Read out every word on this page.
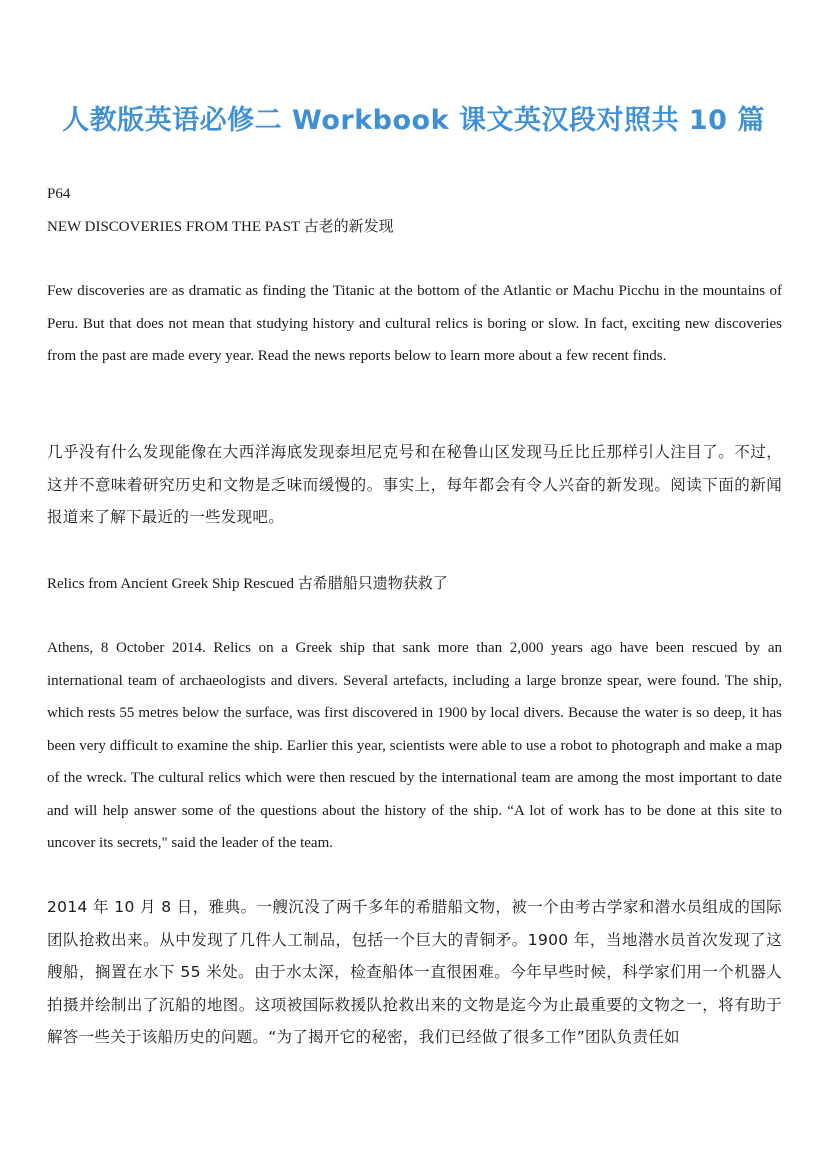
人教版英语必修二 Workbook 课文英汉段对照共 10 篇

P64

NEW DISCOVERIES FROM THE PAST 古老的新发现

Few discoveries are as dramatic as finding the Titanic at the bottom of the Atlantic or Machu Picchu in the mountains of Peru. But that does not mean that studying history and cultural relics is boring or slow. In fact, exciting new discoveries from the past are made every year. Read the news reports below to learn more about a few recent finds.

几乎没有什么发现能像在大西洋海底发现泰坦尼克号和在秘鲁山区发现马丘比丘那样引人注目了。不过，这并不意味着研究历史和文物是乏味而缓慢的。事实上，每年都会有令人兴奋的新发现。阅读下面的新闻报道来了解下最近的一些发现吧。

Relics from Ancient Greek Ship Rescued 古希腊船只遗物获救了

Athens, 8 October 2014. Relics on a Greek ship that sank more than 2,000 years ago have been rescued by an international team of archaeologists and divers. Several artefacts, including a large bronze spear, were found. The ship, which rests 55 metres below the surface, was first discovered in 1900 by local divers. Because the water is so deep, it has been very difficult to examine the ship. Earlier this year, scientists were able to use a robot to photograph and make a map of the wreck. The cultural relics which were then rescued by the international team are among the most important to date and will help answer some of the questions about the history of the ship. “A lot of work has to be done at this site to uncover its secrets," said the leader of the team.

2014 年 10 月 8 日，雅典。一艘沉没了两千多年的希腊船文物，被一个由考古学家和潜水员组成的国际团队抢救出来。从中发现了几件人工制品，包括一个巨大的青铜矛。1900 年，当地潜水员首次发现了这艘船，搁置在水下 55 米处。由于水太深，检查船体一直很困难。今年早些时候，科学家们用一个机器人拍摄并绘制出了沉船的地图。这项被国际救援队抢救出来的文物是迄今为止最重要的文物之一，将有助于解答一些关于该船历史的问题。“为了揭开它的秘密，我们已经做了很多工作”团队负责任如
